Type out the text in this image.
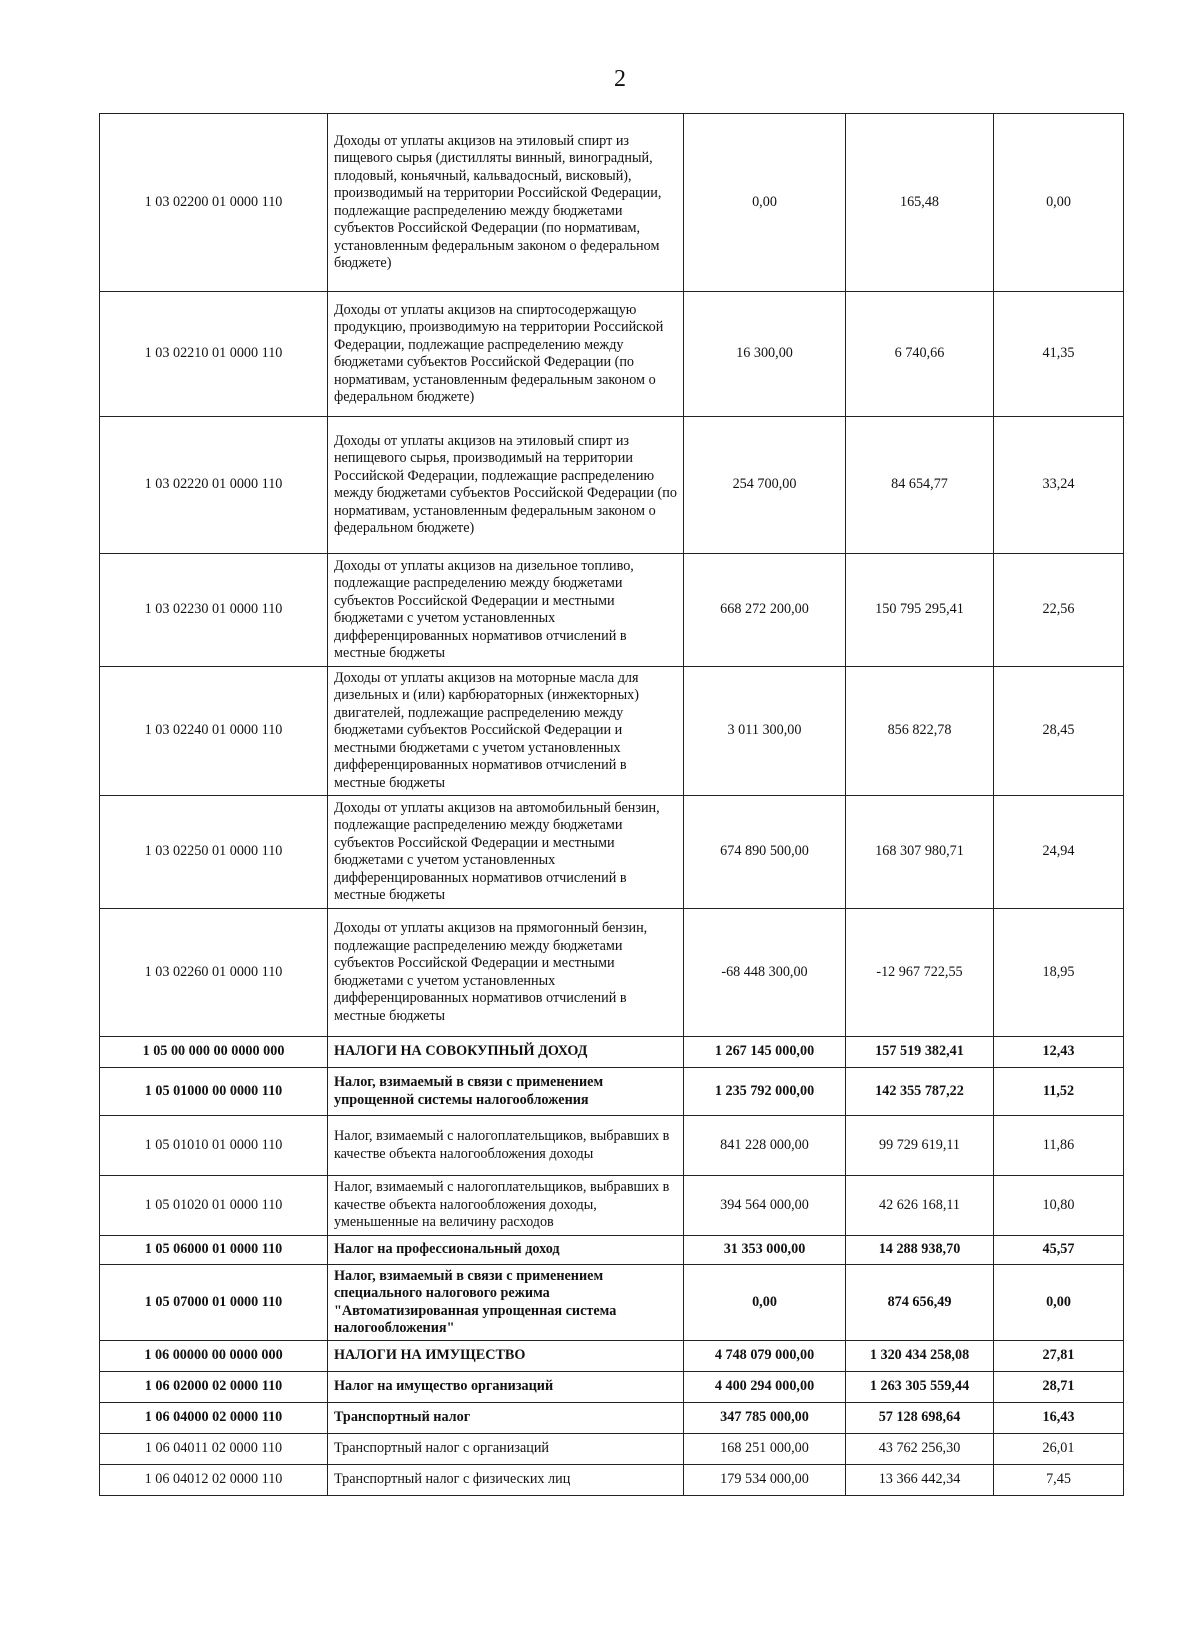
2
1 03 02200 01 0000 110	Доходы от уплаты акцизов на этиловый спирт из пищевого сырья (дистилляты винный, виноградный, плодовый, коньячный, кальвадосный, висковый), производимый на территории Российской Федерации, подлежащие распределению между бюджетами субъектов Российской Федерации (по нормативам, установленным федеральным законом о федеральном бюджете)	0,00	165,48	0,00
1 03 02210 01 0000 110	Доходы от уплаты акцизов на спиртосодержащую продукцию, производимую на территории Российской Федерации, подлежащие распределению между бюджетами субъектов Российской Федерации (по нормативам, установленным федеральным законом о федеральном бюджете)	16 300,00	6 740,66	41,35
1 03 02220 01 0000 110	Доходы от уплаты акцизов на этиловый спирт из непищевого сырья, производимый на территории Российской Федерации, подлежащие распределению между бюджетами субъектов Российской Федерации (по нормативам, установленным федеральным законом о федеральном бюджете)	254 700,00	84 654,77	33,24
1 03 02230 01 0000 110	Доходы от уплаты акцизов на дизельное топливо, подлежащие распределению между бюджетами субъектов Российской Федерации и местными бюджетами с учетом установленных дифференцированных нормативов отчислений в местные бюджеты	668 272 200,00	150 795 295,41	22,56
1 03 02240 01 0000 110	Доходы от уплаты акцизов на моторные масла для дизельных и (или) карбюраторных (инжекторных) двигателей, подлежащие распределению между бюджетами субъектов Российской Федерации и местными бюджетами с учетом установленных дифференцированных нормативов отчислений в местные бюджеты	3 011 300,00	856 822,78	28,45
1 03 02250 01 0000 110	Доходы от уплаты акцизов на автомобильный бензин, подлежащие распределению между бюджетами субъектов Российской Федерации и местными бюджетами с учетом установленных дифференцированных нормативов отчислений в местные бюджеты	674 890 500,00	168 307 980,71	24,94
1 03 02260 01 0000 110	Доходы от уплаты акцизов на прямогонный бензин, подлежащие распределению между бюджетами субъектов Российской Федерации и местными бюджетами с учетом установленных дифференцированных нормативов отчислений в местные бюджеты	-68 448 300,00	-12 967 722,55	18,95
1 05 00 000 00 0000 000	НАЛОГИ НА СОВОКУПНЫЙ ДОХОД	1 267 145 000,00	157 519 382,41	12,43
1 05 01000 00 0000 110	Налог, взимаемый в связи с применением упрощенной системы налогообложения	1 235 792 000,00	142 355 787,22	11,52
1 05 01010 01 0000 110	Налог, взимаемый с налогоплательщиков, выбравших в качестве объекта налогообложения доходы	841 228 000,00	99 729 619,11	11,86
1 05 01020 01 0000 110	Налог, взимаемый с налогоплательщиков, выбравших в качестве объекта налогообложения доходы, уменьшенные на величину расходов	394 564 000,00	42 626 168,11	10,80
1 05 06000 01 0000 110	Налог на профессиональный доход	31 353 000,00	14 288 938,70	45,57
1 05 07000 01 0000 110	Налог, взимаемый в связи с применением специального налогового режима "Автоматизированная упрощенная система налогообложения"	0,00	874 656,49	0,00
1 06 00000 00 0000 000	НАЛОГИ НА ИМУЩЕСТВО	4 748 079 000,00	1 320 434 258,08	27,81
1 06 02000 02 0000 110	Налог на имущество организаций	4 400 294 000,00	1 263 305 559,44	28,71
1 06 04000 02 0000 110	Транспортный налог	347 785 000,00	57 128 698,64	16,43
1 06 04011 02 0000 110	Транспортный налог с организаций	168 251 000,00	43 762 256,30	26,01
1 06 04012 02 0000 110	Транспортный налог с физических лиц	179 534 000,00	13 366 442,34	7,45
